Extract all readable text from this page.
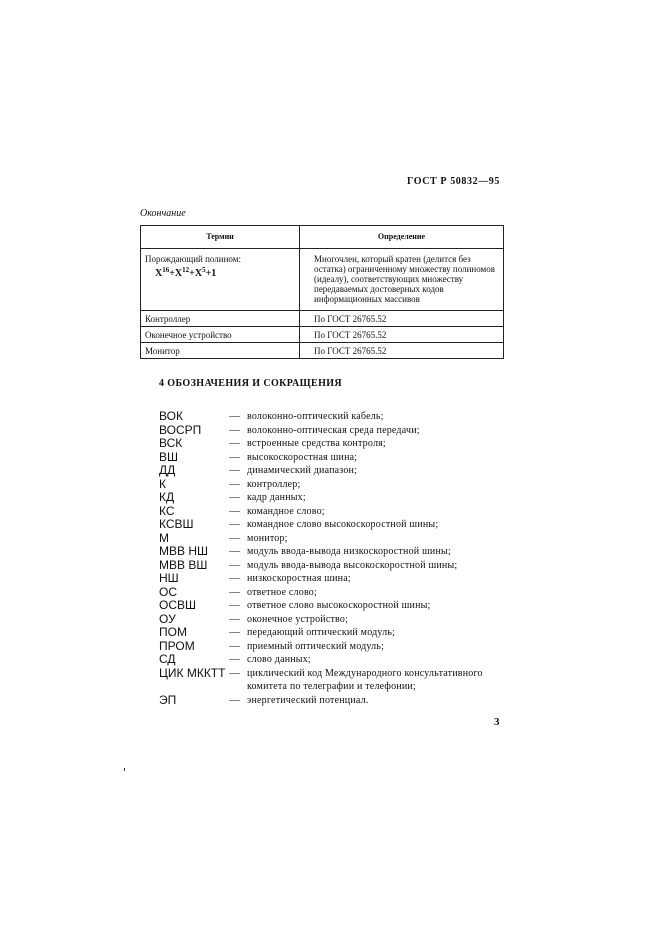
ГОСТ Р 50832—95
Окончание
Термин	Определение

Порождающий полином:
$X^{16}+X^{12}+X^5+1$	Многочлен, который кратен (делится без остатка) ограниченному множеству полиномов (идеалу), соответствующих множеству передаваемых достоверных кодов информационных массивов
Контроллер	По ГОСТ 26765.52
Оконечное устройство	По ГОСТ 26765.52
Монитор	По ГОСТ 26765.52
4 ОБОЗНАЧЕНИЯ И СОКРАЩЕНИЯ
ВОК	— волоконно-оптический кабель;
ВОСРП	— волоконно-оптическая среда передачи;
ВСК	— встроенные средства контроля;
ВШ	— высокоскоростная шина;
ДД	— динамический диапазон;
К	— контроллер;
КД	— кадр данных;
КС	— командное слово;
КСВШ	— командное слово высокоскоростной шины;
М	— монитор;
МВВ НШ	— модуль ввода-вывода низкоскоростной шины;
МВВ ВШ	— модуль ввода-вывода высокоскоростной шины;
НШ	— низкоскоростная шина;
ОС	— ответное слово;
ОСВШ	— ответное слово высокоскоростной шины;
ОУ	— оконечное устройство;
ПОМ	— передающий оптический модуль;
ПРОМ	— приемный оптический модуль;
СД	— слово данных;
ЦИК МККТТ — циклический код Международного консультативного комитета по телеграфии и телефонии;
ЭП	— энергетический потенциал.
3
